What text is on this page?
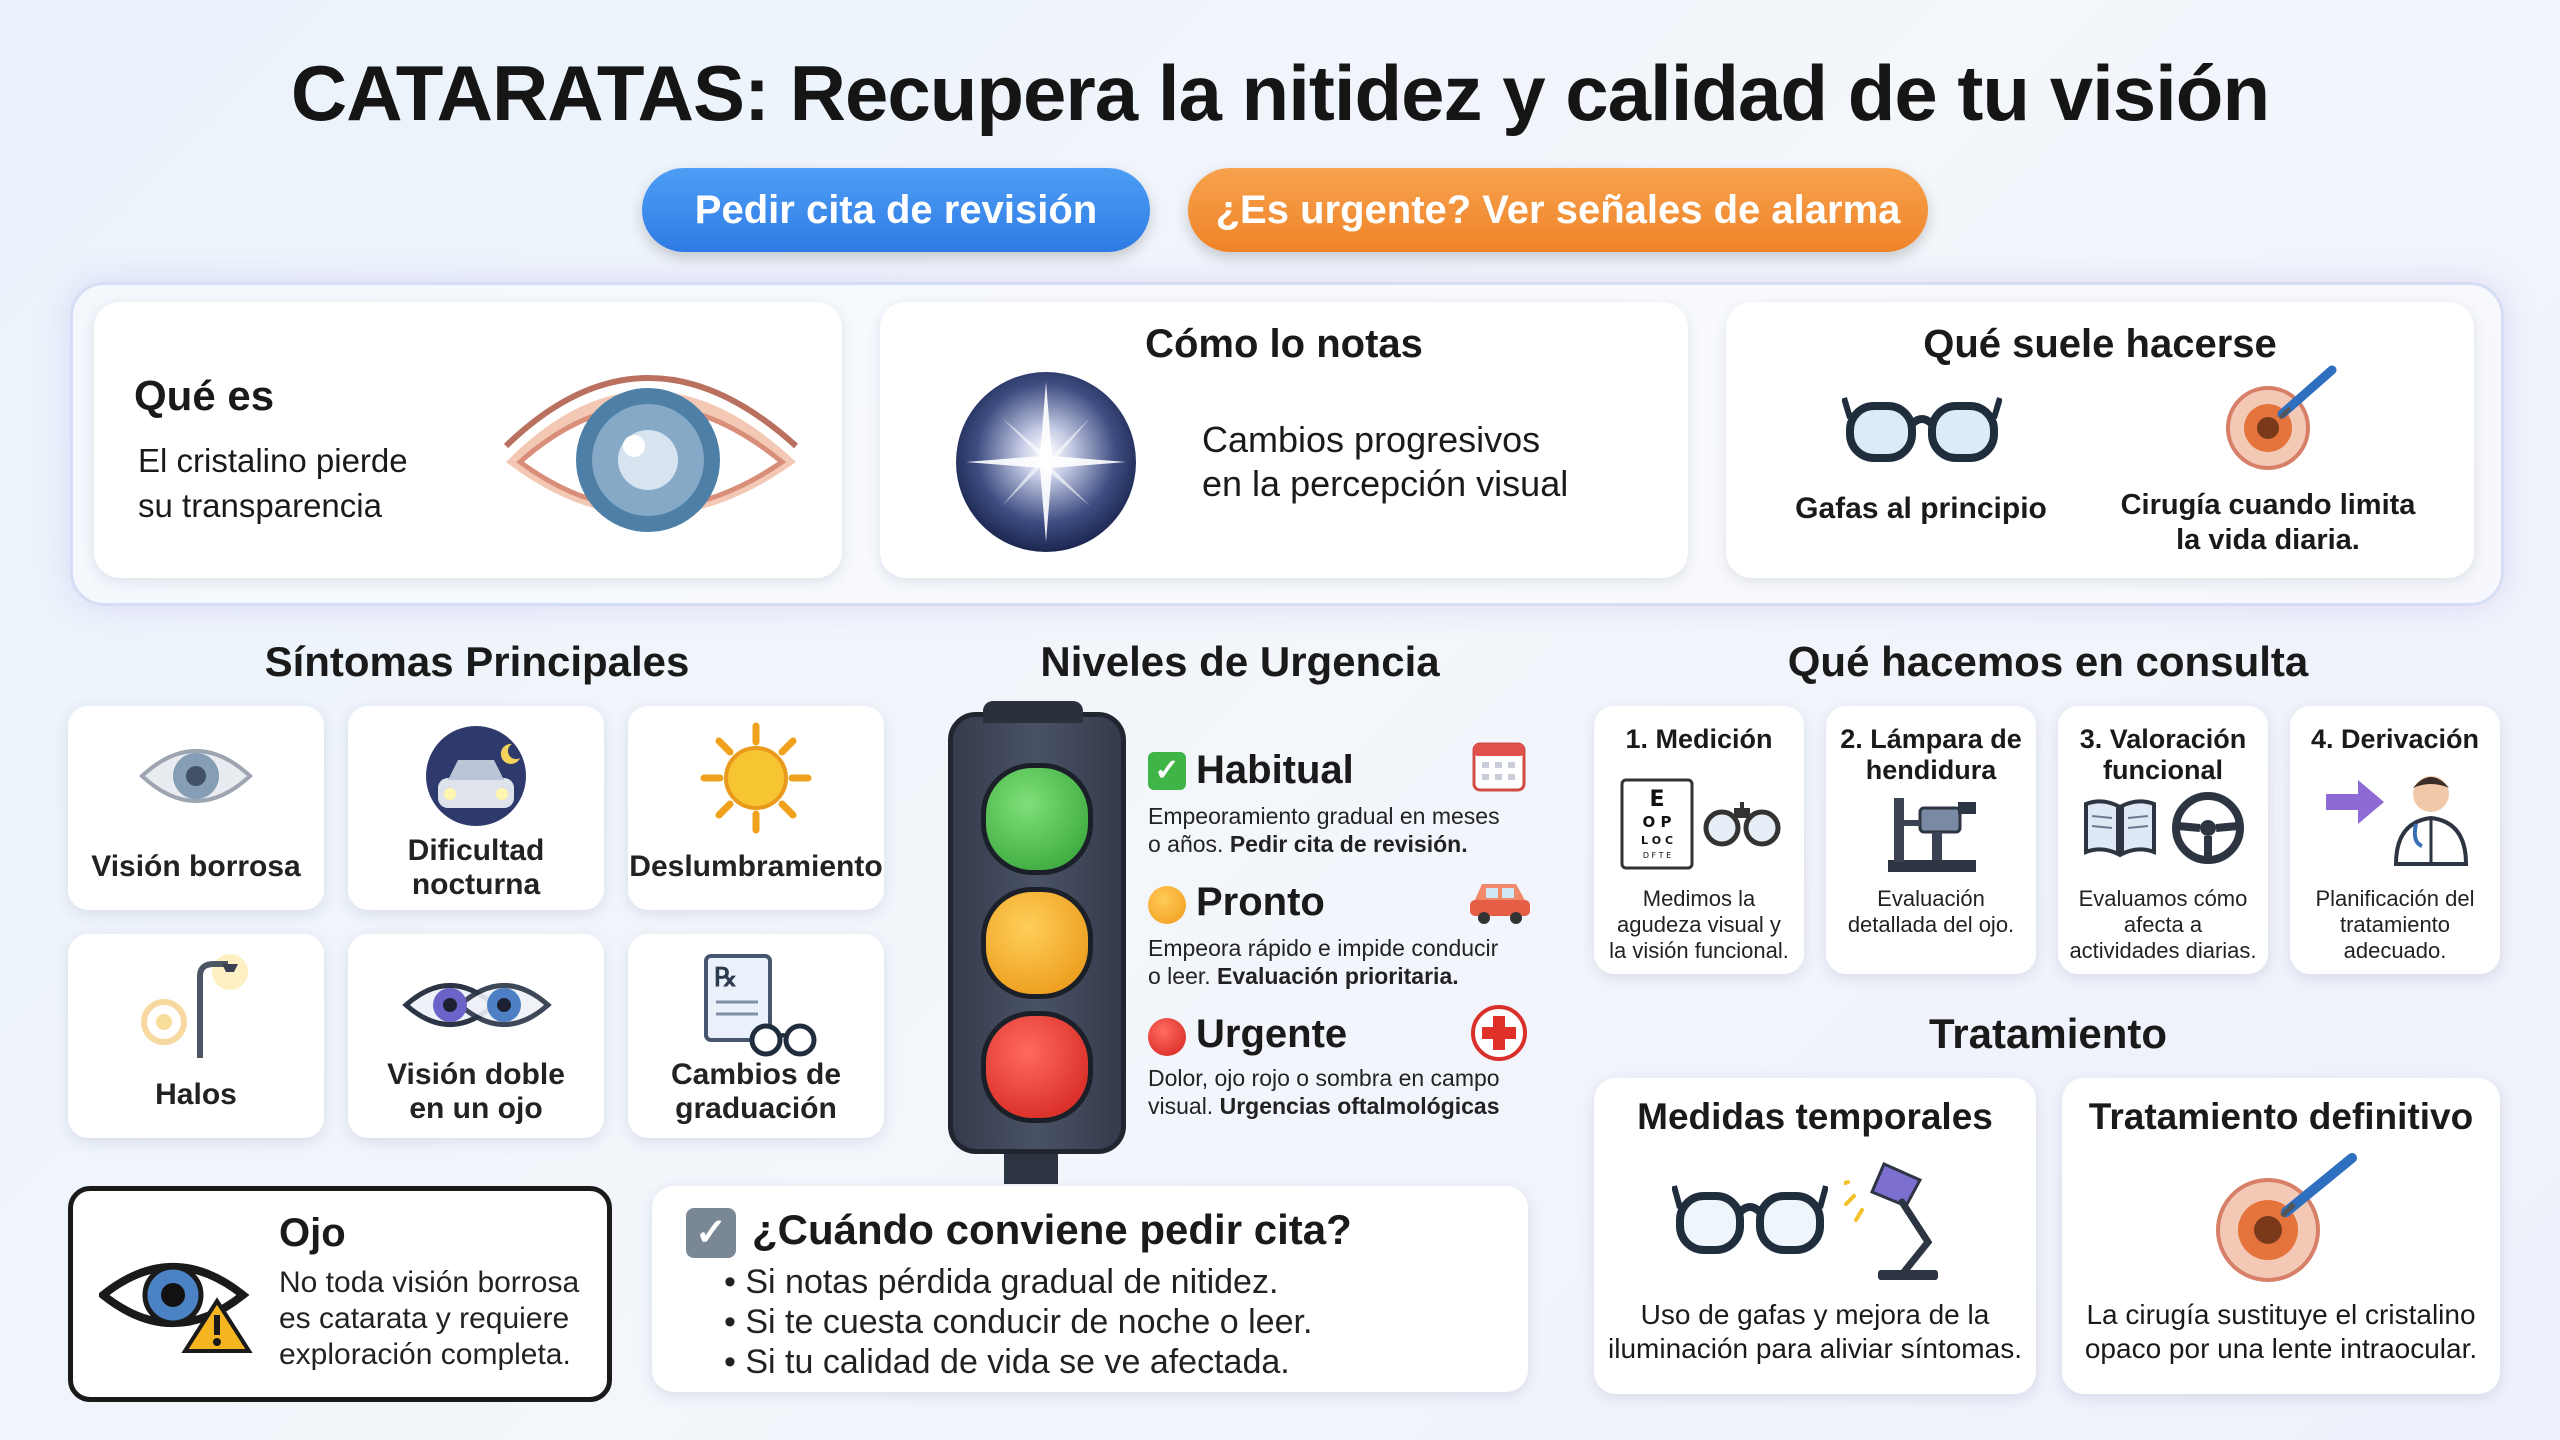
CATARATAS: Recupera la nitidez y calidad de tu visión
Pedir cita de revisión	¿Es urgente? Ver señales de alarma
Qué es
El cristalino pierde
su transparencia
Cómo lo notas
Cambios progresivos
en la percepción visual
Qué suele hacerse
Gafas al principio	Cirugía cuando limita
la vida diaria.
Síntomas Principales	Niveles de Urgencia	Qué hacemos en consulta
Visión borrosa	Dificultad
nocturna
Deslumbramiento
Halos
Visión doble
en un ojo
℞
Cambios de
graduación
✓ Habitual
Empeoramiento gradual en meses
o años. Pedir cita de revisión.
Pronto
Empeora rápido e impide conducir
o leer. Evaluación prioritaria.
Urgente
Dolor, ojo rojo o sombra en campo
visual. Urgencias oftalmológicas
1. Medición
E
O P
L O C
D F T E
Medimos la
agudeza visual y
la visión funcional.
2. Lámpara de
hendidura
Evaluación
detallada del ojo.
3. Valoración
funcional
Evaluamos cómo
afecta a
actividades diarias.
4. Derivación
Planificación del
tratamiento
adecuado.
Tratamiento
Medidas temporales
Uso de gafas y mejora de la
iluminación para aliviar síntomas.
Tratamiento definitivo
La cirugía sustituye el cristalino
opaco por una lente intraocular.
Ojo
No toda visión borrosa
es catarata y requiere
exploración completa.
✓ ¿Cuándo conviene pedir cita?
• Si notas pérdida gradual de nitidez.
• Si te cuesta conducir de noche o leer.
• Si tu calidad de vida se ve afectada.
